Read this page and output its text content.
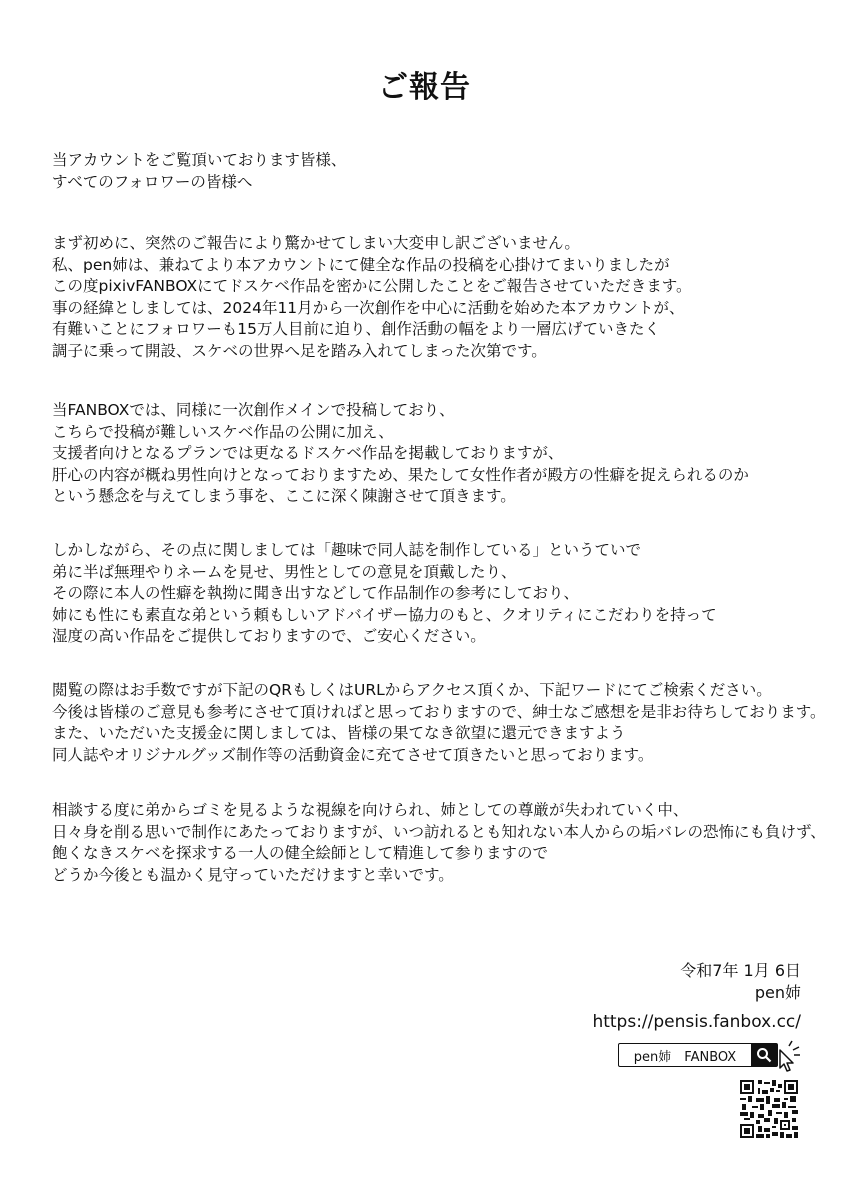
ご報告
当アカウントをご覧頂いております皆様、
すべてのフォロワーの皆様へ
まず初めに、突然のご報告により驚かせてしまい大変申し訳ございません。
私、pen姉は、兼ねてより本アカウントにて健全な作品の投稿を心掛けてまいりましたが
この度pixivFANBOXにてドスケベ作品を密かに公開したことをご報告させていただきます。
事の経緯としましては、2024年11月から一次創作を中心に活動を始めた本アカウントが、
有難いことにフォロワーも15万人目前に迫り、創作活動の幅をより一層広げていきたく
調子に乗って開設、スケベの世界へ足を踏み入れてしまった次第です。
当FANBOXでは、同様に一次創作メインで投稿しており、
こちらで投稿が難しいスケベ作品の公開に加え、
支援者向けとなるプランでは更なるドスケベ作品を掲載しておりますが、
肝心の内容が概ね男性向けとなっておりますため、果たして女性作者が殿方の性癖を捉えられるのか
という懸念を与えてしまう事を、ここに深く陳謝させて頂きます。
しかしながら、その点に関しましては「趣味で同人誌を制作している」というていで
弟に半ば無理やりネームを見せ、男性としての意見を頂戴したり、
その際に本人の性癖を執拗に聞き出すなどして作品制作の参考にしており、
姉にも性にも素直な弟という頼もしいアドバイザー協力のもと、クオリティにこだわりを持って
湿度の高い作品をご提供しておりますので、ご安心ください。
閲覧の際はお手数ですが下記のQRもしくはURLからアクセス頂くか、下記ワードにてご検索ください。
今後は皆様のご意見も参考にさせて頂ければと思っておりますので、紳士なご感想を是非お待ちしております。
また、いただいた支援金に関しましては、皆様の果てなき欲望に還元できますよう
同人誌やオリジナルグッズ制作等の活動資金に充てさせて頂きたいと思っております。
相談する度に弟からゴミを見るような視線を向けられ、姉としての尊厳が失われていく中、
日々身を削る思いで制作にあたっておりますが、いつ訪れるとも知れない本人からの垢バレの恐怖にも負けず、
飽くなきスケベを探求する一人の健全絵師として精進して参りますので
どうか今後とも温かく見守っていただけますと幸いです。
令和7年 1月 6日
pen姉
https://pensis.fanbox.cc/
pen姉　FANBOX
